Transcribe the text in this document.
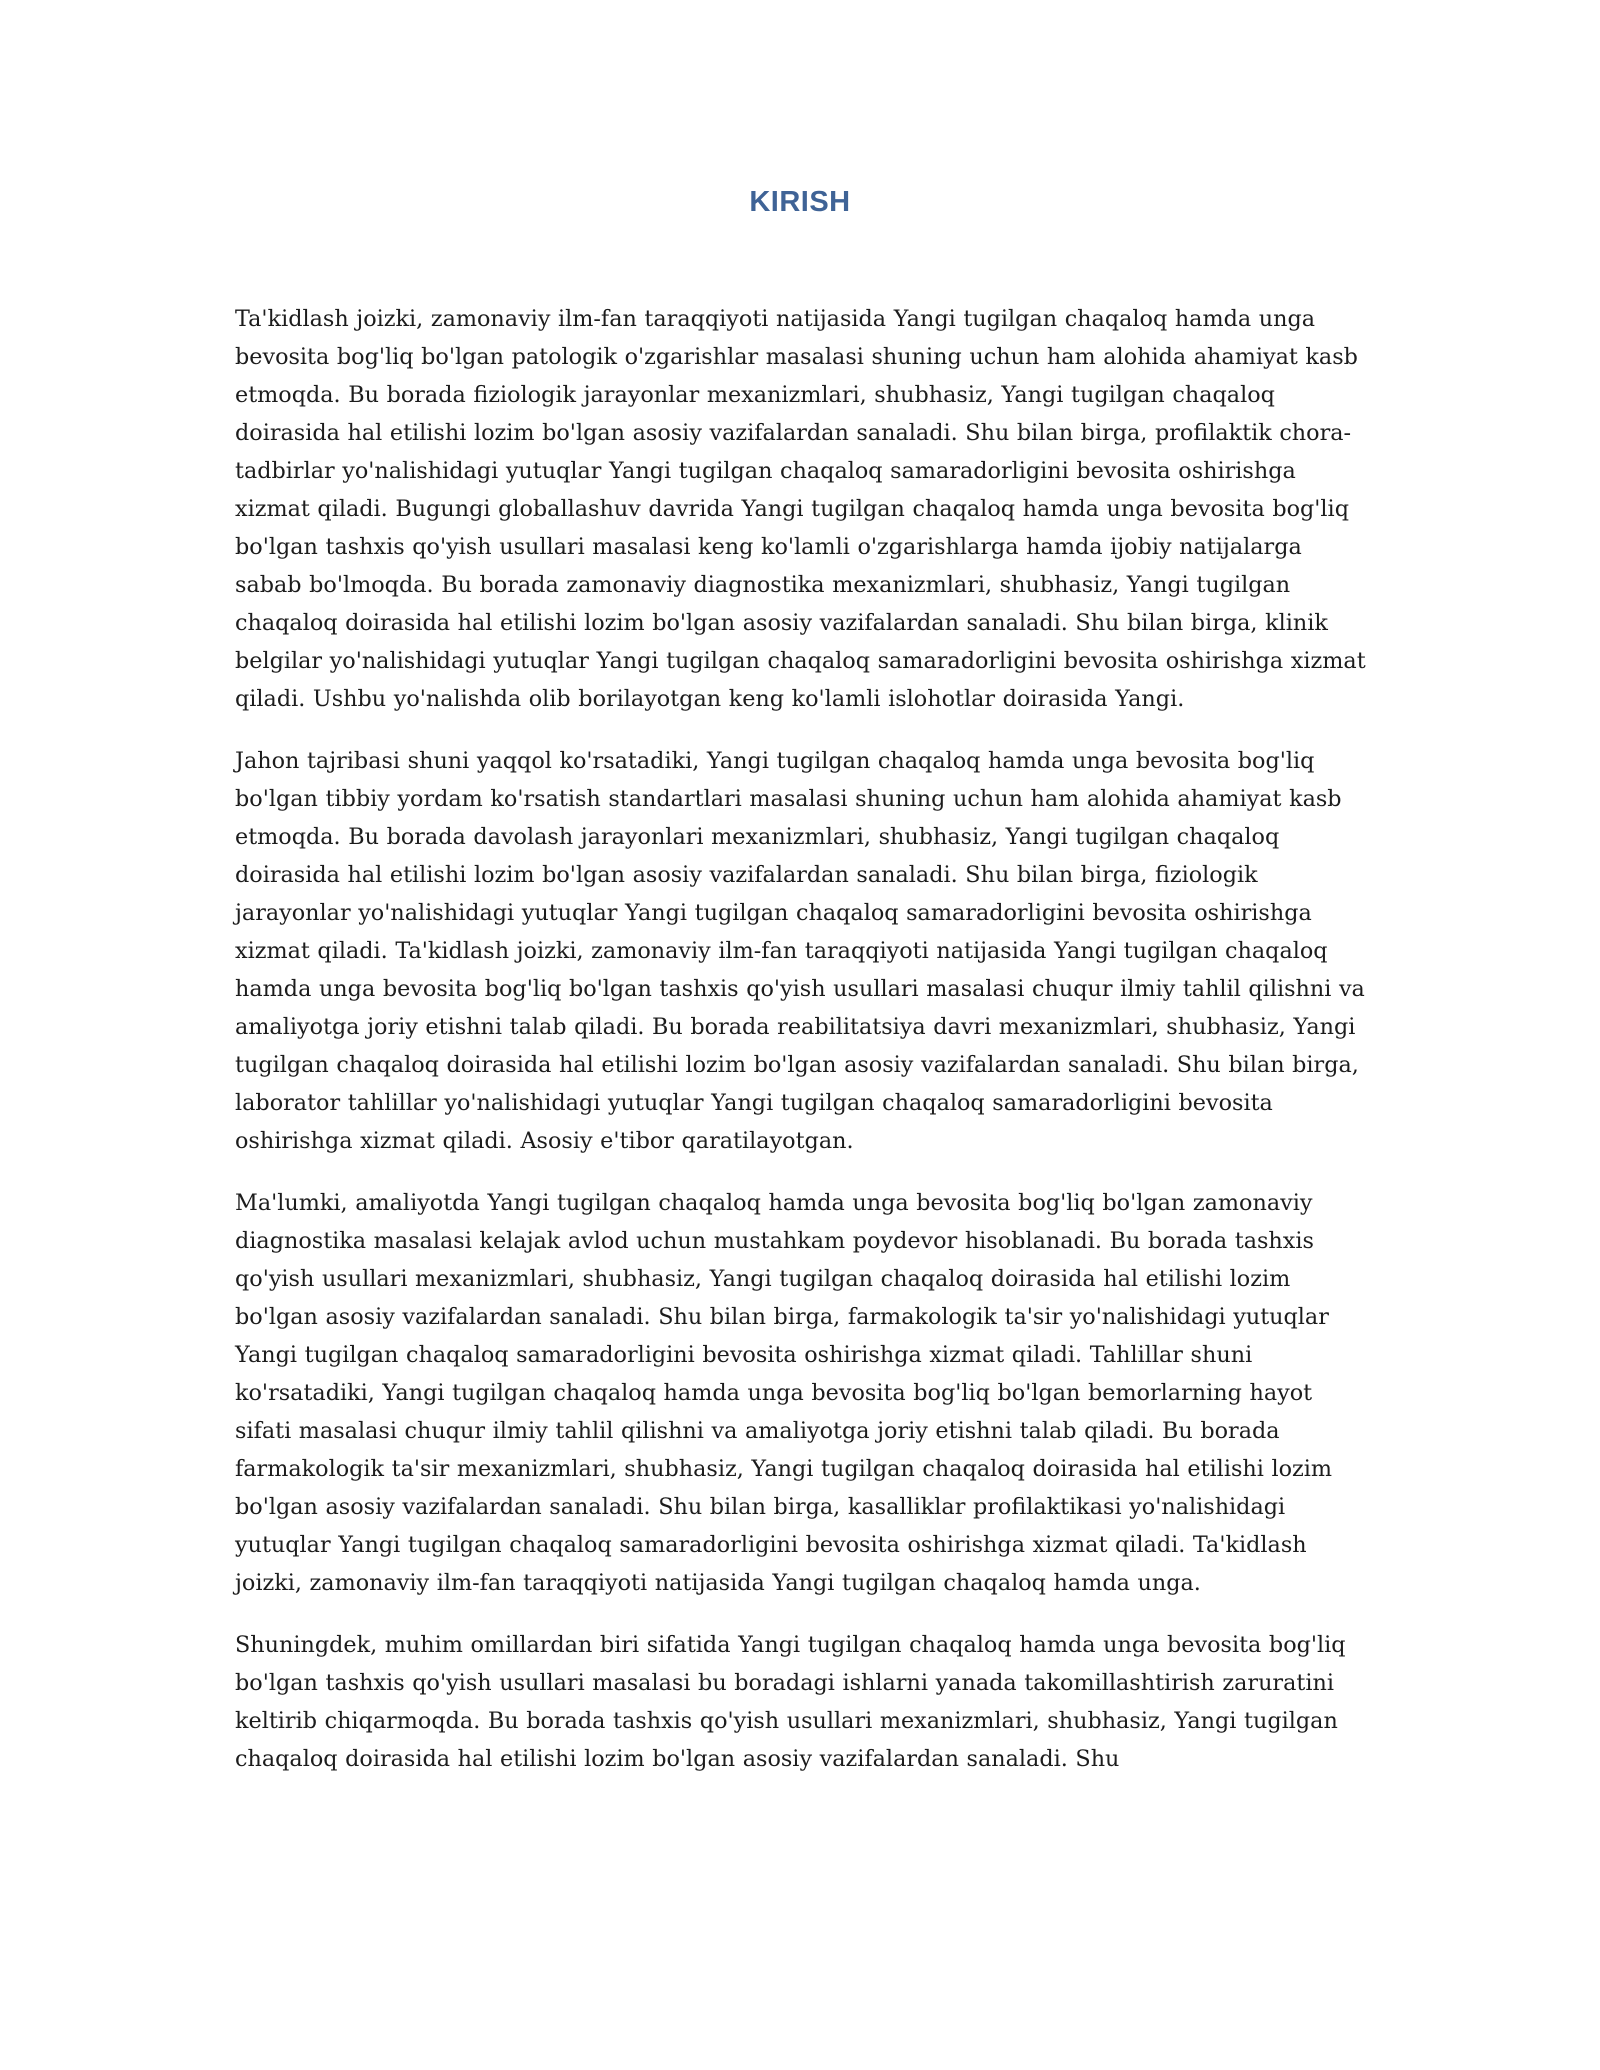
KIRISH

Ta'kidlash joizki, zamonaviy ilm-fan taraqqiyoti natijasida Yangi tugilgan chaqaloq hamda unga bevosita bog'liq bo'lgan patologik o'zgarishlar masalasi shuning uchun ham alohida ahamiyat kasb etmoqda. Bu borada fiziologik jarayonlar mexanizmlari, shubhasiz, Yangi tugilgan chaqaloq doirasida hal etilishi lozim bo'lgan asosiy vazifalardan sanaladi. Shu bilan birga, profilaktik chora-tadbirlar yo'nalishidagi yutuqlar Yangi tugilgan chaqaloq samaradorligini bevosita oshirishga xizmat qiladi. Bugungi globallashuv davrida Yangi tugilgan chaqaloq hamda unga bevosita bog'liq bo'lgan tashxis qo'yish usullari masalasi keng ko'lamli o'zgarishlarga hamda ijobiy natijalarga sabab bo'lmoqda. Bu borada zamonaviy diagnostika mexanizmlari, shubhasiz, Yangi tugilgan chaqaloq doirasida hal etilishi lozim bo'lgan asosiy vazifalardan sanaladi. Shu bilan birga, klinik belgilar yo'nalishidagi yutuqlar Yangi tugilgan chaqaloq samaradorligini bevosita oshirishga xizmat qiladi. Ushbu yo'nalishda olib borilayotgan keng ko'lamli islohotlar doirasida Yangi.

Jahon tajribasi shuni yaqqol ko'rsatadiki, Yangi tugilgan chaqaloq hamda unga bevosita bog'liq bo'lgan tibbiy yordam ko'rsatish standartlari masalasi shuning uchun ham alohida ahamiyat kasb etmoqda. Bu borada davolash jarayonlari mexanizmlari, shubhasiz, Yangi tugilgan chaqaloq doirasida hal etilishi lozim bo'lgan asosiy vazifalardan sanaladi. Shu bilan birga, fiziologik jarayonlar yo'nalishidagi yutuqlar Yangi tugilgan chaqaloq samaradorligini bevosita oshirishga xizmat qiladi. Ta'kidlash joizki, zamonaviy ilm-fan taraqqiyoti natijasida Yangi tugilgan chaqaloq hamda unga bevosita bog'liq bo'lgan tashxis qo'yish usullari masalasi chuqur ilmiy tahlil qilishni va amaliyotga joriy etishni talab qiladi. Bu borada reabilitatsiya davri mexanizmlari, shubhasiz, Yangi tugilgan chaqaloq doirasida hal etilishi lozim bo'lgan asosiy vazifalardan sanaladi. Shu bilan birga, laborator tahlillar yo'nalishidagi yutuqlar Yangi tugilgan chaqaloq samaradorligini bevosita oshirishga xizmat qiladi. Asosiy e'tibor qaratilayotgan.

Ma'lumki, amaliyotda Yangi tugilgan chaqaloq hamda unga bevosita bog'liq bo'lgan zamonaviy diagnostika masalasi kelajak avlod uchun mustahkam poydevor hisoblanadi. Bu borada tashxis qo'yish usullari mexanizmlari, shubhasiz, Yangi tugilgan chaqaloq doirasida hal etilishi lozim bo'lgan asosiy vazifalardan sanaladi. Shu bilan birga, farmakologik ta'sir yo'nalishidagi yutuqlar Yangi tugilgan chaqaloq samaradorligini bevosita oshirishga xizmat qiladi. Tahlillar shuni ko'rsatadiki, Yangi tugilgan chaqaloq hamda unga bevosita bog'liq bo'lgan bemorlarning hayot sifati masalasi chuqur ilmiy tahlil qilishni va amaliyotga joriy etishni talab qiladi. Bu borada farmakologik ta'sir mexanizmlari, shubhasiz, Yangi tugilgan chaqaloq doirasida hal etilishi lozim bo'lgan asosiy vazifalardan sanaladi. Shu bilan birga, kasalliklar profilaktikasi yo'nalishidagi yutuqlar Yangi tugilgan chaqaloq samaradorligini bevosita oshirishga xizmat qiladi. Ta'kidlash joizki, zamonaviy ilm-fan taraqqiyoti natijasida Yangi tugilgan chaqaloq hamda unga.

Shuningdek, muhim omillardan biri sifatida Yangi tugilgan chaqaloq hamda unga bevosita bog'liq bo'lgan tashxis qo'yish usullari masalasi bu boradagi ishlarni yanada takomillashtirish zaruratini keltirib chiqarmoqda. Bu borada tashxis qo'yish usullari mexanizmlari, shubhasiz, Yangi tugilgan chaqaloq doirasida hal etilishi lozim bo'lgan asosiy vazifalardan sanaladi. Shu
